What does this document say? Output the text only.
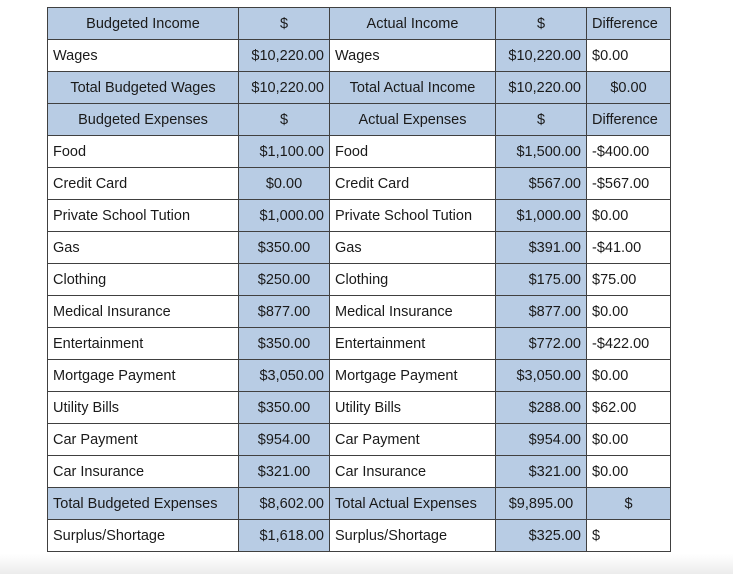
Budgeted Income	$	Actual Income	$	Difference
Wages	$10,220.00	Wages	$10,220.00	$0.00
Total Budgeted Wages	$10,220.00	Total Actual Income	$10,220.00	$0.00
Budgeted Expenses	$	Actual Expenses	$	Difference
Food	$1,100.00	Food	$1,500.00	-$400.00
Credit Card	$0.00	Credit Card	$567.00	-$567.00
Private School Tution	$1,000.00	Private School Tution	$1,000.00	$0.00
Gas	$350.00	Gas	$391.00	-$41.00
Clothing	$250.00	Clothing	$175.00	$75.00
Medical Insurance	$877.00	Medical Insurance	$877.00	$0.00
Entertainment	$350.00	Entertainment	$772.00	-$422.00
Mortgage Payment	$3,050.00	Mortgage Payment	$3,050.00	$0.00
Utility Bills	$350.00	Utility Bills	$288.00	$62.00
Car Payment	$954.00	Car Payment	$954.00	$0.00
Car Insurance	$321.00	Car Insurance	$321.00	$0.00
Total Budgeted Expenses	$8,602.00	Total Actual Expenses	$9,895.00	$
Surplus/Shortage	$1,618.00	Surplus/Shortage	$325.00	$
